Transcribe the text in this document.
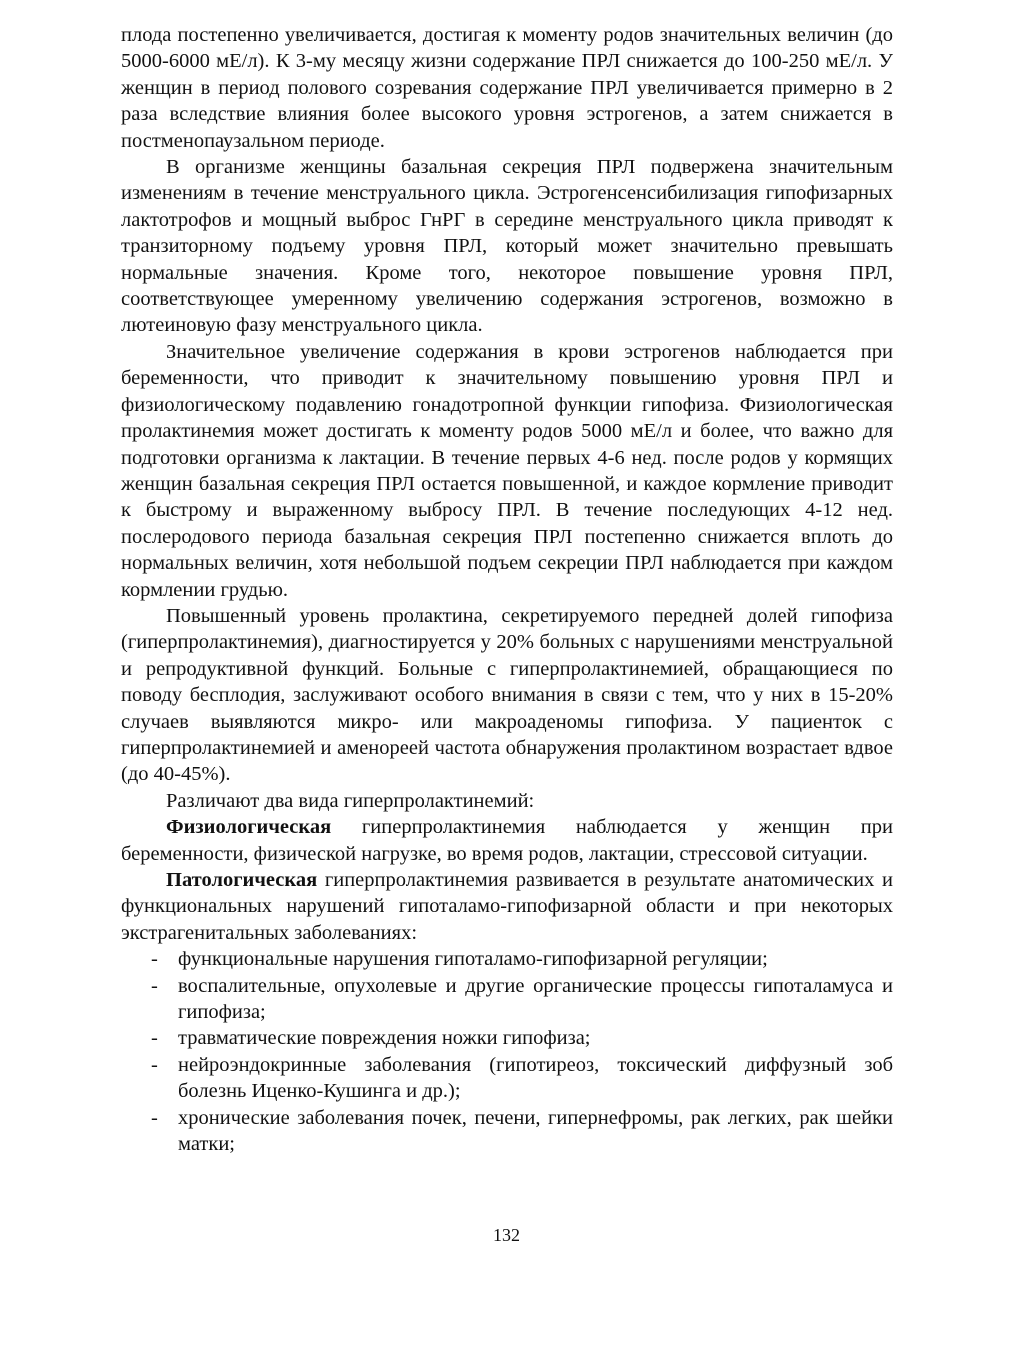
плода постепенно увеличивается, достигая к моменту родов значительных величин (до 5000-6000 мЕ/л). К 3-му месяцу жизни содержание ПРЛ снижается до 100-250 мЕ/л. У женщин в период полового созревания содержание ПРЛ увеличивается примерно в 2 раза вследствие влияния более высокого уровня эстрогенов, а затем снижается в постменопаузальном периоде.

В организме женщины базальная секреция ПРЛ подвержена значительным изменениям в течение менструального цикла. Эстрогенсенсибилизация гипофизарных лактотрофов и мощный выброс ГнРГ в середине менструального цикла приводят к транзиторному подъему уровня ПРЛ, который может значительно превышать нормальные значения. Кроме того, некоторое повышение уровня ПРЛ, соответствующее умеренному увеличению содержания эстрогенов, возможно в лютеиновую фазу менструального цикла.

Значительное увеличение содержания в крови эстрогенов наблюдается при беременности, что приводит к значительному повышению уровня ПРЛ и физиологическому подавлению гонадотропной функции гипофиза. Физиологическая пролактинемия может достигать к моменту родов 5000 мЕ/л и более, что важно для подготовки организма к лактации. В течение первых 4-6 нед. после родов у кормящих женщин базальная секреция ПРЛ остается повышенной, и каждое кормление приводит к быстрому и выраженному выбросу ПРЛ. В течение последующих 4-12 нед. послеродового периода базальная секреция ПРЛ постепенно снижается вплоть до нормальных величин, хотя небольшой подъем секреции ПРЛ наблюдается при каждом кормлении грудью.

Повышенный уровень пролактина, секретируемого передней долей гипофиза (гиперпролактинемия), диагностируется у 20% больных с нарушениями менструальной и репродуктивной функций. Больные с гиперпролактинемией, обращающиеся по поводу бесплодия, заслуживают особого внимания в связи с тем, что у них в 15-20% случаев выявляются микро- или макроаденомы гипофиза. У пациенток с гиперпролактинемией и аменореей частота обнаружения пролактином возрастает вдвое (до 40-45%).

Различают два вида гиперпролактинемий:

Физиологическая гиперпролактинемия наблюдается у женщин при беременности, физической нагрузке, во время родов, лактации, стрессовой ситуации.

Патологическая гиперпролактинемия развивается в результате анатомических и функциональных нарушений гипоталамо-гипофизарной области и при некоторых экстрагенитальных заболеваниях:

- функциональные нарушения гипоталамо-гипофизарной регуляции;
- воспалительные, опухолевые и другие органические процессы гипоталамуса и гипофиза;
- травматические повреждения ножки гипофиза;
- нейроэндокринные заболевания (гипотиреоз, токсический диффузный зоб болезнь Иценко-Кушинга и др.);
- хронические заболевания почек, печени, гипернефромы, рак легких, рак шейки матки;
132
